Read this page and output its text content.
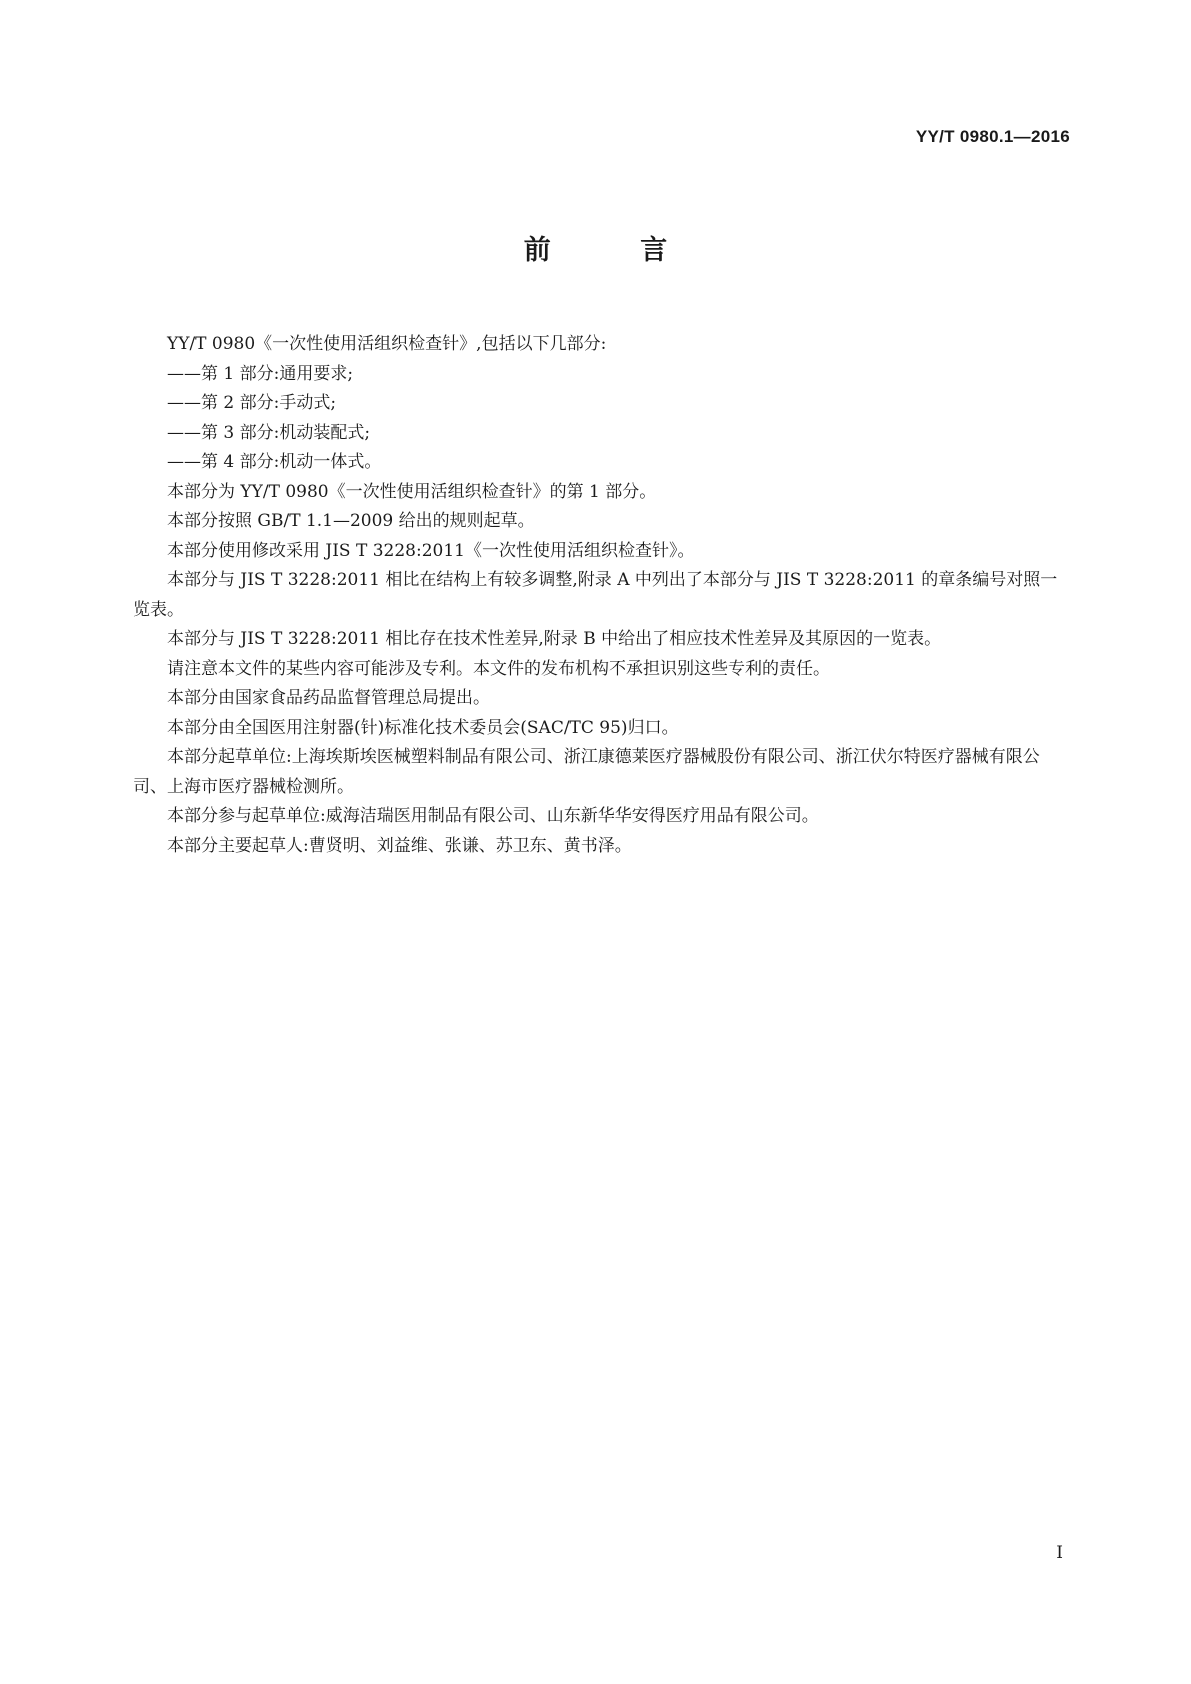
YY/T 0980.1—2016
前 言

YY/T 0980《一次性使用活组织检查针》,包括以下几部分:

——第 1 部分:通用要求;

——第 2 部分:手动式;

——第 3 部分:机动装配式;

——第 4 部分:机动一体式。

本部分为 YY/T 0980《一次性使用活组织检查针》的第 1 部分。

本部分按照 GB/T 1.1—2009 给出的规则起草。

本部分使用修改采用 JIS T 3228:2011《一次性使用活组织检查针》。

本部分与 JIS T 3228:2011 相比在结构上有较多调整,附录 A 中列出了本部分与 JIS T 3228:2011 的章条编号对照一览表。

本部分与 JIS T 3228:2011 相比存在技术性差异,附录 B 中给出了相应技术性差异及其原因的一览表。

请注意本文件的某些内容可能涉及专利。本文件的发布机构不承担识别这些专利的责任。

本部分由国家食品药品监督管理总局提出。

本部分由全国医用注射器(针)标准化技术委员会(SAC/TC 95)归口。

本部分起草单位:上海埃斯埃医械塑料制品有限公司、浙江康德莱医疗器械股份有限公司、浙江伏尔特医疗器械有限公司、上海市医疗器械检测所。

本部分参与起草单位:威海洁瑞医用制品有限公司、山东新华华安得医疗用品有限公司。

本部分主要起草人:曹贤明、刘益维、张谦、苏卫东、黄书泽。

I
